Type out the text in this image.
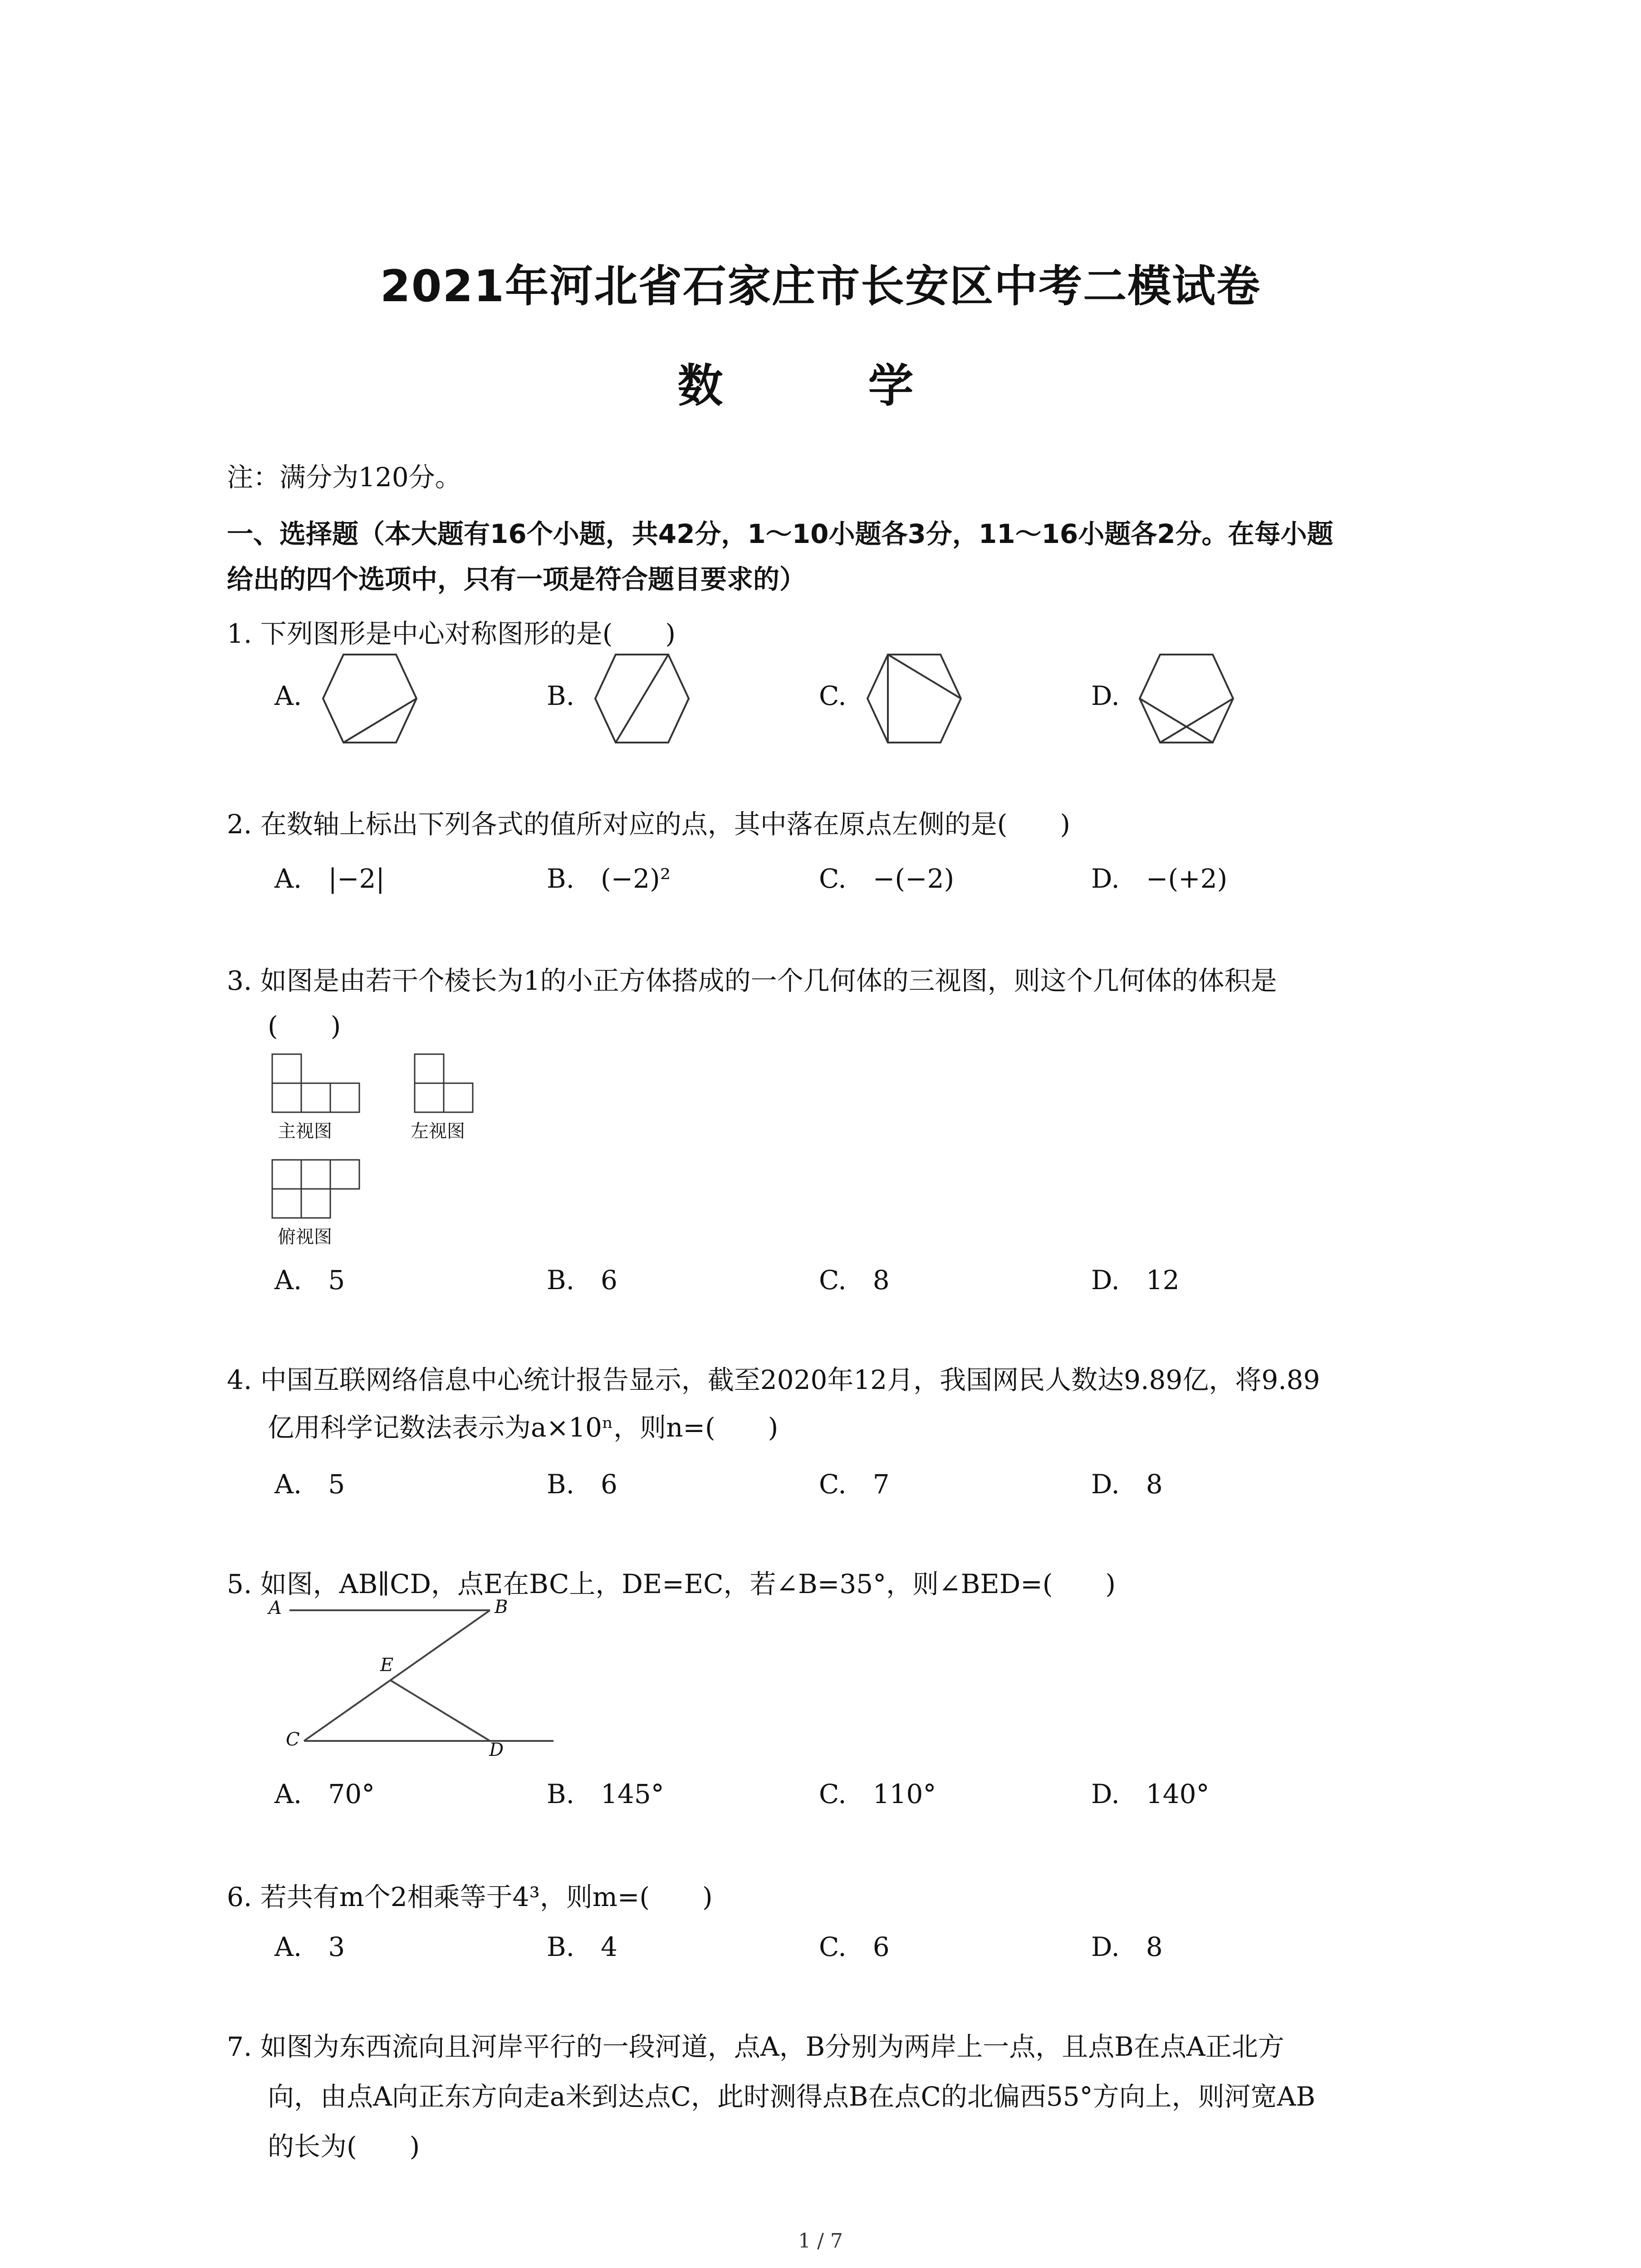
2021年河北省石家庄市长安区中考二模试卷
数　学
注：满分为120分。
一、选择题（本大题有16个小题，共42分，1～10小题各3分，11～16小题各2分。在每小题
给出的四个选项中，只有一项是符合题目要求的）
1. 下列图形是中心对称图形的是(　　)
A.	B.	C.	D.
2. 在数轴上标出下列各式的值所对应的点，其中落在原点左侧的是(　　)
A.　|−2|	B.　(−2)²	C.　−(−2)	D.　−(+2)
3. 如图是由若干个棱长为1的小正方体搭成的一个几何体的三视图，则这个几何体的体积是
(　　)
主视图	左视图
俯视图
A.　5	B.　6	C.　8	D.　12
4. 中国互联网络信息中心统计报告显示，截至2020年12月，我国网民人数达9.89亿，将9.89
亿用科学记数法表示为a×10ⁿ，则n=(　　)
A.　5	B.　6	C.　7	D.　8
5. 如图，AB∥CD，点E在BC上，DE=EC，若∠B=35°，则∠BED=(　　)
A	B
E
C	D
A.　70°	B.　145°	C.　110°	D.　140°
6. 若共有m个2相乘等于4³，则m=(　　)
A.　3	B.　4	C.　6	D.　8
7. 如图为东西流向且河岸平行的一段河道，点A，B分别为两岸上一点，且点B在点A正北方
向，由点A向正东方向走a米到达点C，此时测得点B在点C的北偏西55°方向上，则河宽AB
的长为(　　)
1 / 7
